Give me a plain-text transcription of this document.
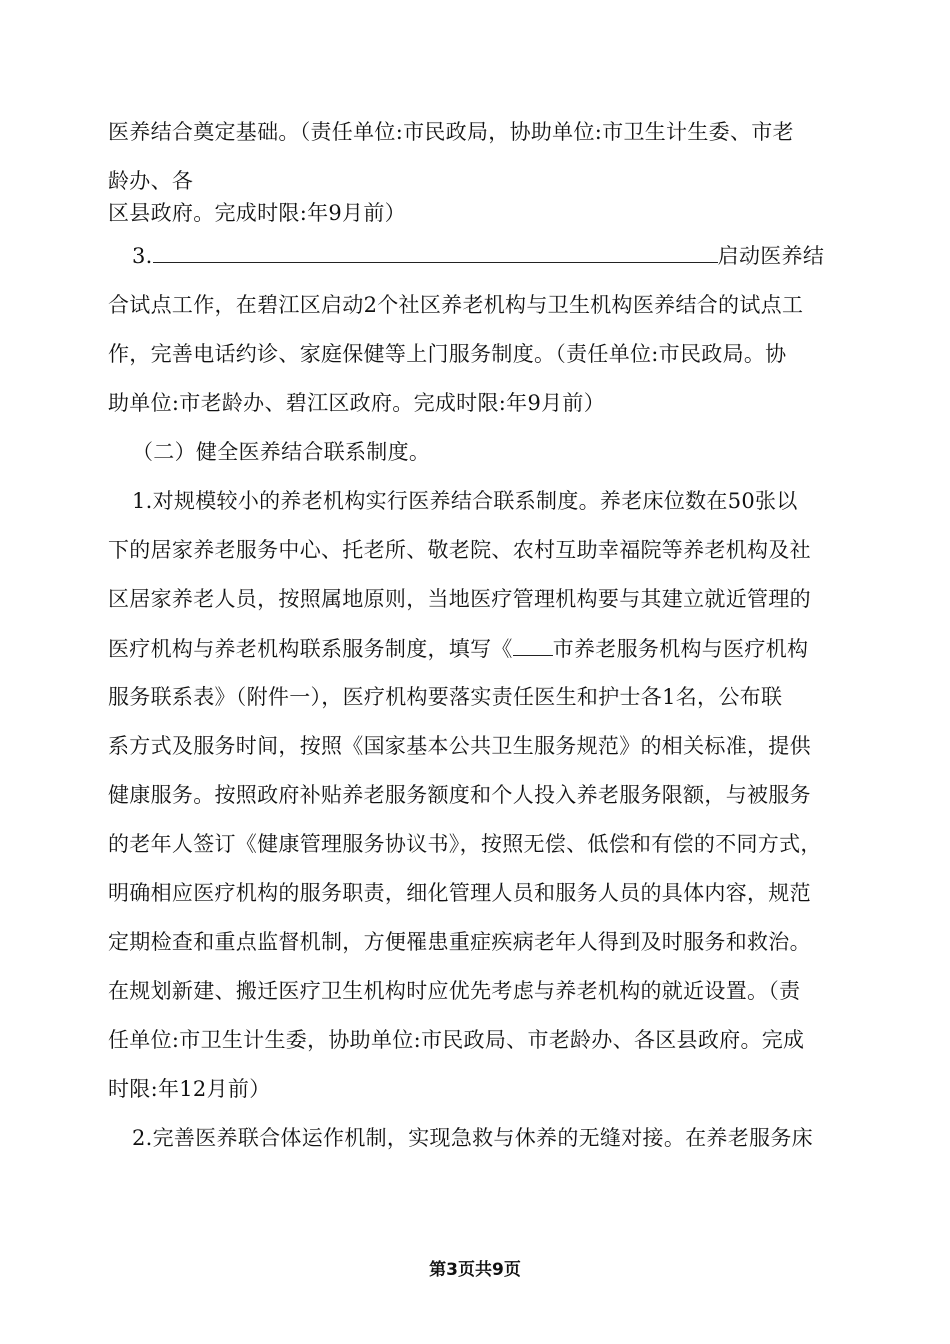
医养结合奠定基础。（责任单位:市民政局，协助单位:市卫生计生委、市老
龄办、各
区县政府。完成时限:年9月前）
3.	启动医养结
合试点工作，在碧江区启动2个社区养老机构与卫生机构医养结合的试点工
作，完善电话约诊、家庭保健等上门服务制度。（责任单位:市民政局。协
助单位:市老龄办、碧江区政府。完成时限:年9月前）
（二）健全医养结合联系制度。
1.对规模较小的养老机构实行医养结合联系制度。养老床位数在50张以
下的居家养老服务中心、托老所、敬老院、农村互助幸福院等养老机构及社
区居家养老人员，按照属地原则，当地医疗管理机构要与其建立就近管理的
医疗机构与养老机构联系服务制度，填写《 市养老服务机构与医疗机构
服务联系表》（附件一），医疗机构要落实责任医生和护士各1名，公布联
系方式及服务时间，按照《国家基本公共卫生服务规范》的相关标准，提供
健康服务。按照政府补贴养老服务额度和个人投入养老服务限额，与被服务
的老年人签订《健康管理服务协议书》，按照无偿、低偿和有偿的不同方式，
明确相应医疗机构的服务职责，细化管理人员和服务人员的具体内容，规范
定期检查和重点监督机制，方便罹患重症疾病老年人得到及时服务和救治。
在规划新建、搬迁医疗卫生机构时应优先考虑与养老机构的就近设置。（责
任单位:市卫生计生委，协助单位:市民政局、市老龄办、各区县政府。完成
时限:年12月前）
2.完善医养联合体运作机制，实现急救与休养的无缝对接。在养老服务床
第3页共9页
